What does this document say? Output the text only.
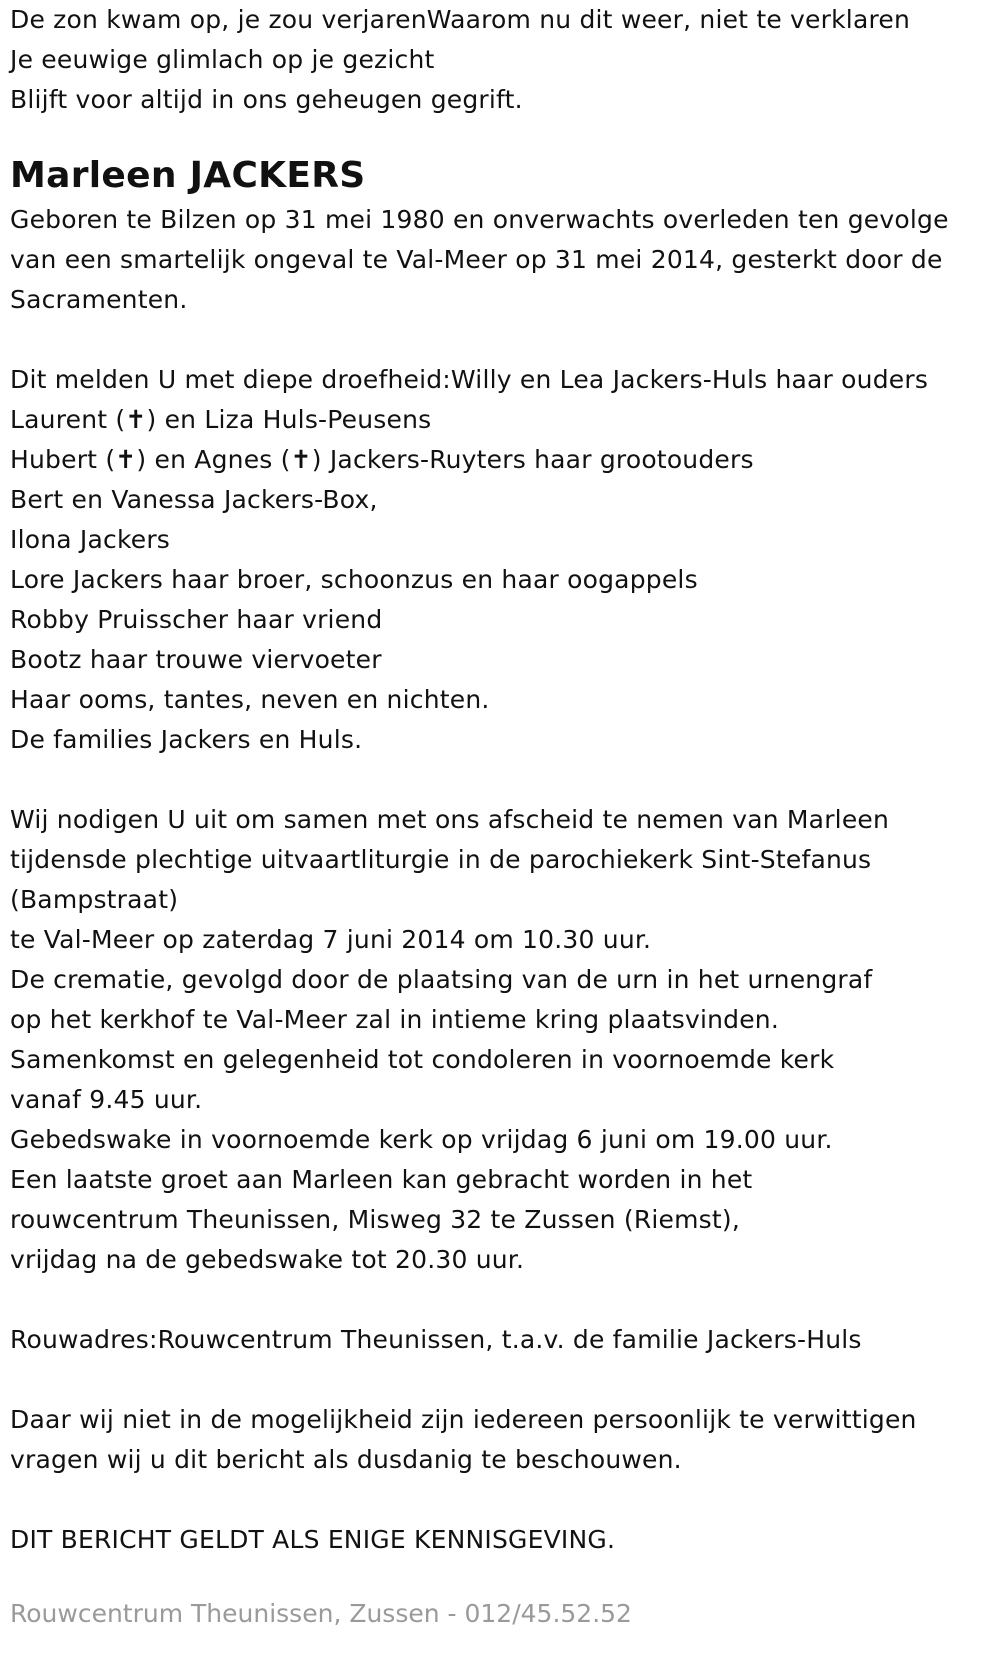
De zon kwam op, je zou verjarenWaarom nu dit weer, niet te verklaren
Je eeuwige glimlach op je gezicht
Blijft voor altijd in ons geheugen gegrift.
Marleen JACKERS
Geboren te Bilzen op 31 mei 1980 en onverwachts overleden ten gevolge
van een smartelijk ongeval te Val-Meer op 31 mei 2014, gesterkt door de
Sacramenten.
Dit melden U met diepe droefheid:Willy en Lea Jackers-Huls haar ouders
Laurent (✝) en Liza Huls-Peusens
Hubert (✝) en Agnes (✝) Jackers-Ruyters haar grootouders
Bert en Vanessa Jackers-Box,
Ilona Jackers
Lore Jackers haar broer, schoonzus en haar oogappels
Robby Pruisscher haar vriend
Bootz haar trouwe viervoeter
Haar ooms, tantes, neven en nichten.
De families Jackers en Huls.
Wij nodigen U uit om samen met ons afscheid te nemen van Marleen
tijdensde plechtige uitvaartliturgie in de parochiekerk Sint-Stefanus
(Bampstraat)
te Val-Meer op zaterdag 7 juni 2014 om 10.30 uur.
De crematie, gevolgd door de plaatsing van de urn in het urnengraf
op het kerkhof te Val-Meer zal in intieme kring plaatsvinden.
Samenkomst en gelegenheid tot condoleren in voornoemde kerk
vanaf 9.45 uur.
Gebedswake in voornoemde kerk op vrijdag 6 juni om 19.00 uur.
Een laatste groet aan Marleen kan gebracht worden in het
rouwcentrum Theunissen, Misweg 32 te Zussen (Riemst),
vrijdag na de gebedswake tot 20.30 uur.
Rouwadres:Rouwcentrum Theunissen, t.a.v. de familie Jackers-Huls
Daar wij niet in de mogelijkheid zijn iedereen persoonlijk te verwittigen
vragen wij u dit bericht als dusdanig te beschouwen.
DIT BERICHT GELDT ALS ENIGE KENNISGEVING.
Rouwcentrum Theunissen, Zussen - 012/45.52.52
